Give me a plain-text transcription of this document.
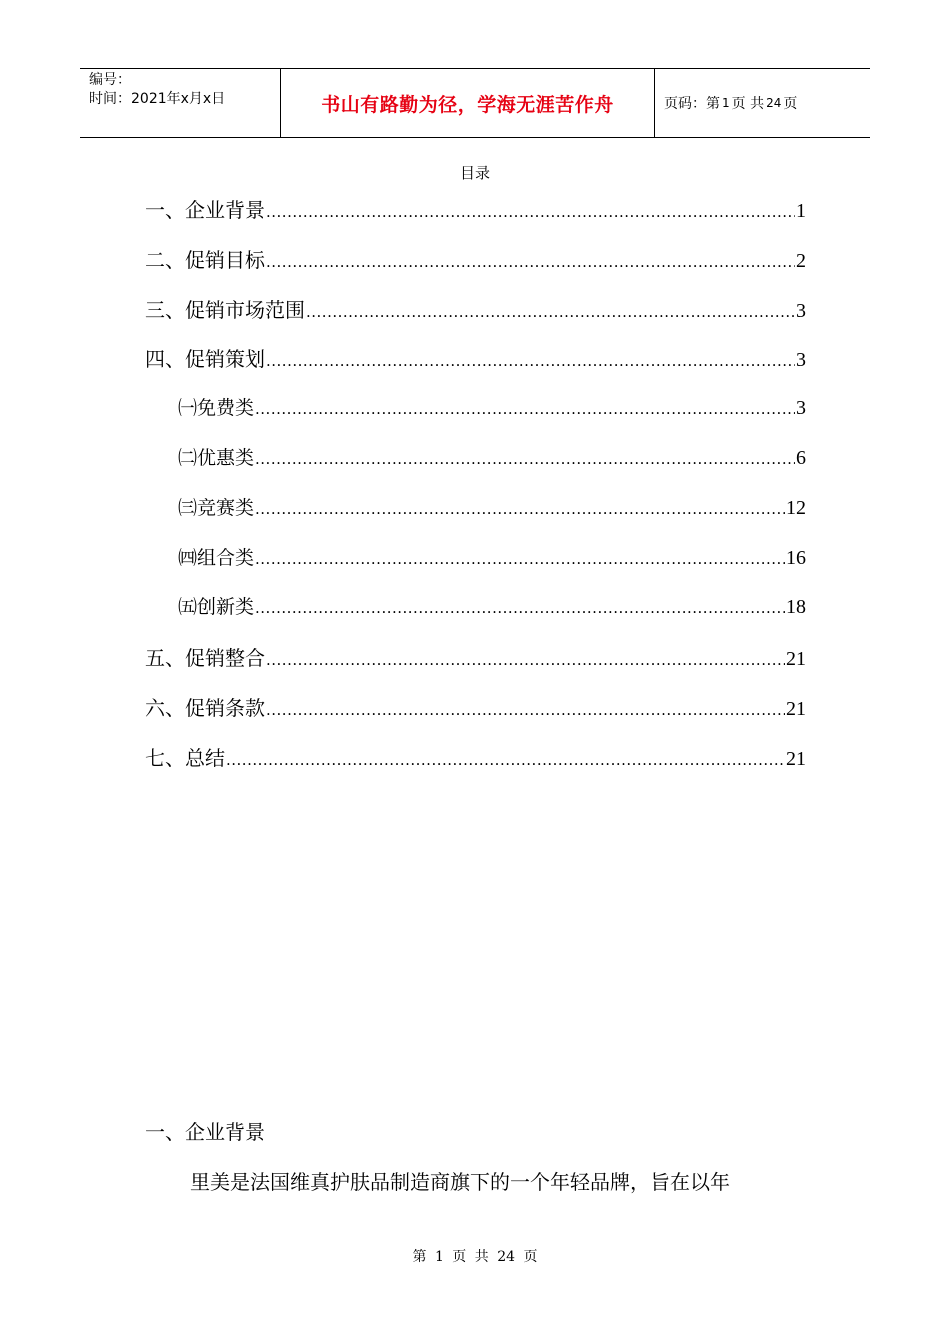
编号：
时间：2021年x月x日	书山有路勤为径，学海无涯苦作舟	页码：第 1 页 共 24 页
目录
一、企业背景 .....	1
二、促销目标 .....	2
三、促销市场范围 .....	3
四、促销策划 .....	3
㈠免费类 .....	3
㈡优惠类 .....	6
㈢竞赛类 .....	12
㈣组合类 .....	16
㈤创新类 .....	18
五、促销整合 .....	21
六、促销条款 .....	21
七、总结 .....	21
一、企业背景
里美是法国维真护肤品制造商旗下的一个年轻品牌，旨在以年
第 1 页 共 24 页
